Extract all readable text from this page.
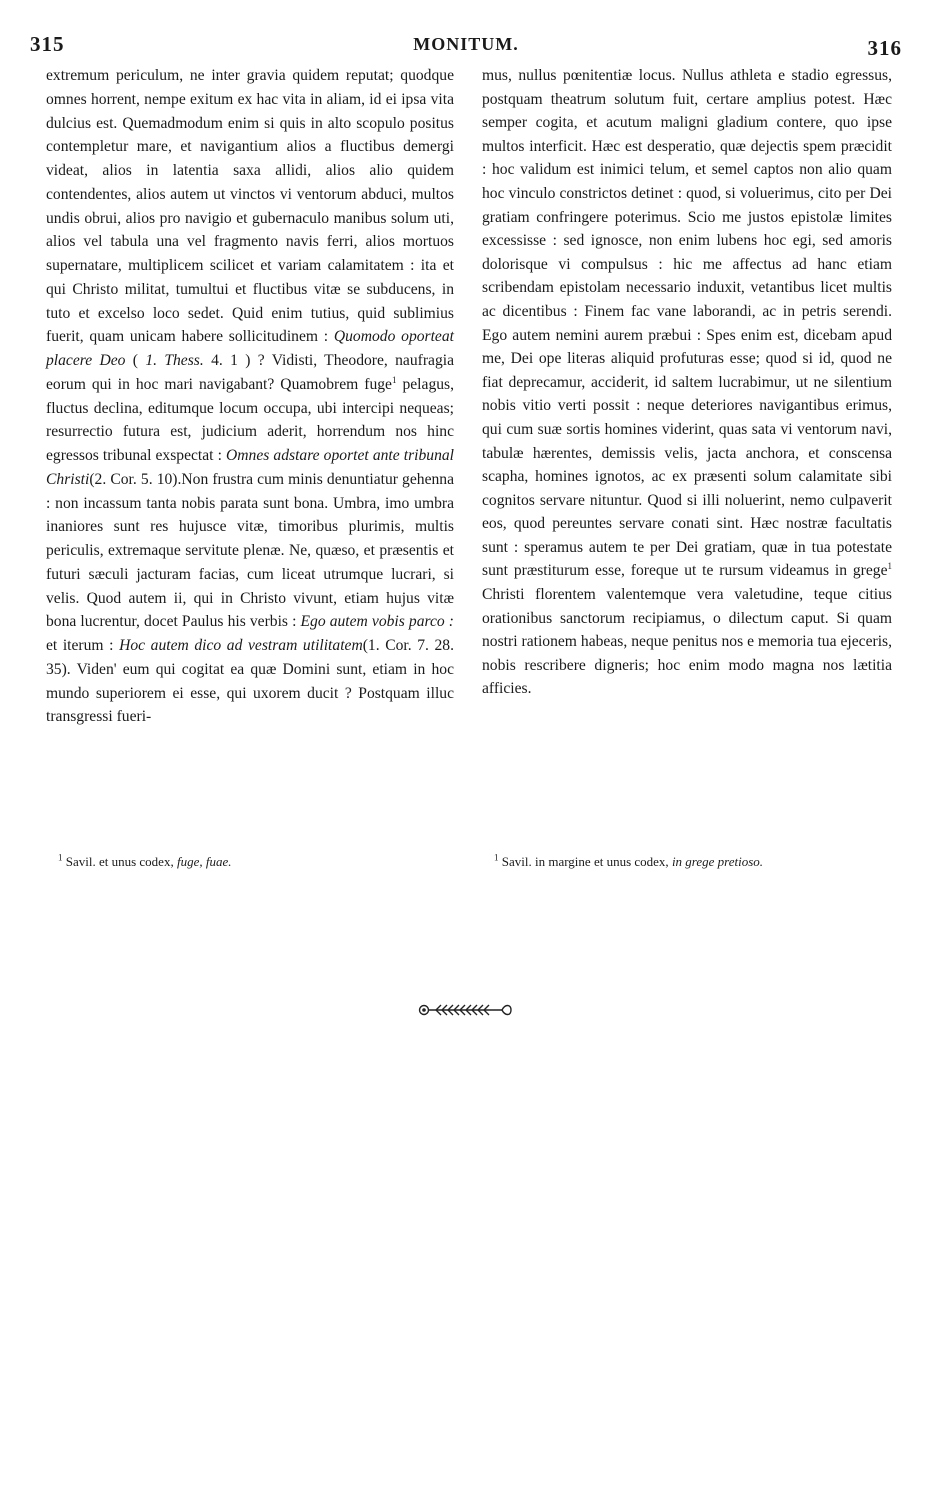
315	MONITUM.	316

extremum periculum, ne inter gravia quidem reputat; quodque omnes horrent, nempe exitum ex hac vita in aliam, id ei ipsa vita dulcius est. Quemadmodum enim si quis in alto scopulo positus contempletur mare, et navigantium alios a fluctibus demergi videat, alios in latentia saxa allidi, alios alio quidem contendentes, alios autem ut vinctos vi ventorum abduci, multos undis obrui, alios pro navigio et gubernaculo manibus solum uti, alios vel tabula una vel fragmento navis ferri, alios mortuos supernatare, multiplicem scilicet et variam calamitatem : ita et qui Christo militat, tumultui et fluctibus vitæ se subducens, in tuto et excelso loco sedet. Quid enim tutius, quid sublimius fuerit, quam unicam habere sollicitudinem : Quomodo oporteat placere Deo ( 1. Thess. 4. 1 ) ? Vidisti, Theodore, naufragia eorum qui in hoc mari navigabant? Quamobrem fuge$^1$ pelagus, fluctus declina, editumque locum occupa, ubi intercipi nequeas; resurrectio futura est, judicium aderit, horrendum nos hinc egressos tribunal exspectat : Omnes adstare oportet ante tribunal Christi(2. Cor. 5. 10).Non frustra cum minis denuntiatur gehenna : non incassum tanta nobis parata sunt bona. Umbra, imo umbra inaniores sunt res hujusce vitæ, timoribus plurimis, multis periculis, extremaque servitute plenæ. Ne, quæso, et præsentis et futuri sæculi jacturam facias, cum liceat utrumque lucrari, si velis. Quod autem ii, qui in Christo vivunt, etiam hujus vitæ bona lucrentur, docet Paulus his verbis : Ego autem vobis parco : et iterum : Hoc autem dico ad vestram utilitatem(1. Cor. 7. 28. 35). Viden' eum qui cogitat ea quæ Domini sunt, etiam in hoc mundo superiorem ei esse, qui uxorem ducit ? Postquam illuc transgressi fueri-

mus, nullus pœnitentiæ locus. Nullus athleta e stadio egressus, postquam theatrum solutum fuit, certare amplius potest. Hæc semper cogita, et acutum maligni gladium contere, quo ipse multos interficit. Hæc est desperatio, quæ dejectis spem præcidit : hoc validum est inimici telum, et semel captos non alio quam hoc vinculo constrictos detinet : quod, si voluerimus, cito per Dei gratiam confringere poterimus. Scio me justos epistolæ limites excessisse : sed ignosce, non enim lubens hoc egi, sed amoris dolorisque vi compulsus : hic me affectus ad hanc etiam scribendam epistolam necessario induxit, vetantibus licet multis ac dicentibus : Finem fac vane laborandi, ac in petris serendi. Ego autem nemini aurem præbui : Spes enim est, dicebam apud me, Dei ope literas aliquid profuturas esse; quod si id, quod ne fiat deprecamur, acciderit, id saltem lucrabimur, ut ne silentium nobis vitio verti possit : neque deteriores navigantibus erimus, qui cum suæ sortis homines viderint, quas sata vi ventorum navi, tabulæ hærentes, demissis velis, jacta anchora, et conscensa scapha, homines ignotos, ac ex præsenti solum calamitate sibi cognitos servare nituntur. Quod si illi noluerint, nemo culpaverit eos, quod pereuntes servare conati sint. Hæc nostræ facultatis sunt : speramus autem te per Dei gratiam, quæ in tua potestate sunt præstiturum esse, foreque ut te rursum videamus in grege$^1$ Christi florentem valentemque vera valetudine, teque citius orationibus sanctorum recipiamus, o dilectum caput. Si quam nostri rationem habeas, neque penitus nos e memoria tua ejeceris, nobis rescribere digneris; hoc enim modo magna nos lætitia afficies.

$^1$ Savil. et unus codex, fuge, fuae.	$^1$ Savil. in margine et unus codex, in grege pretioso.
